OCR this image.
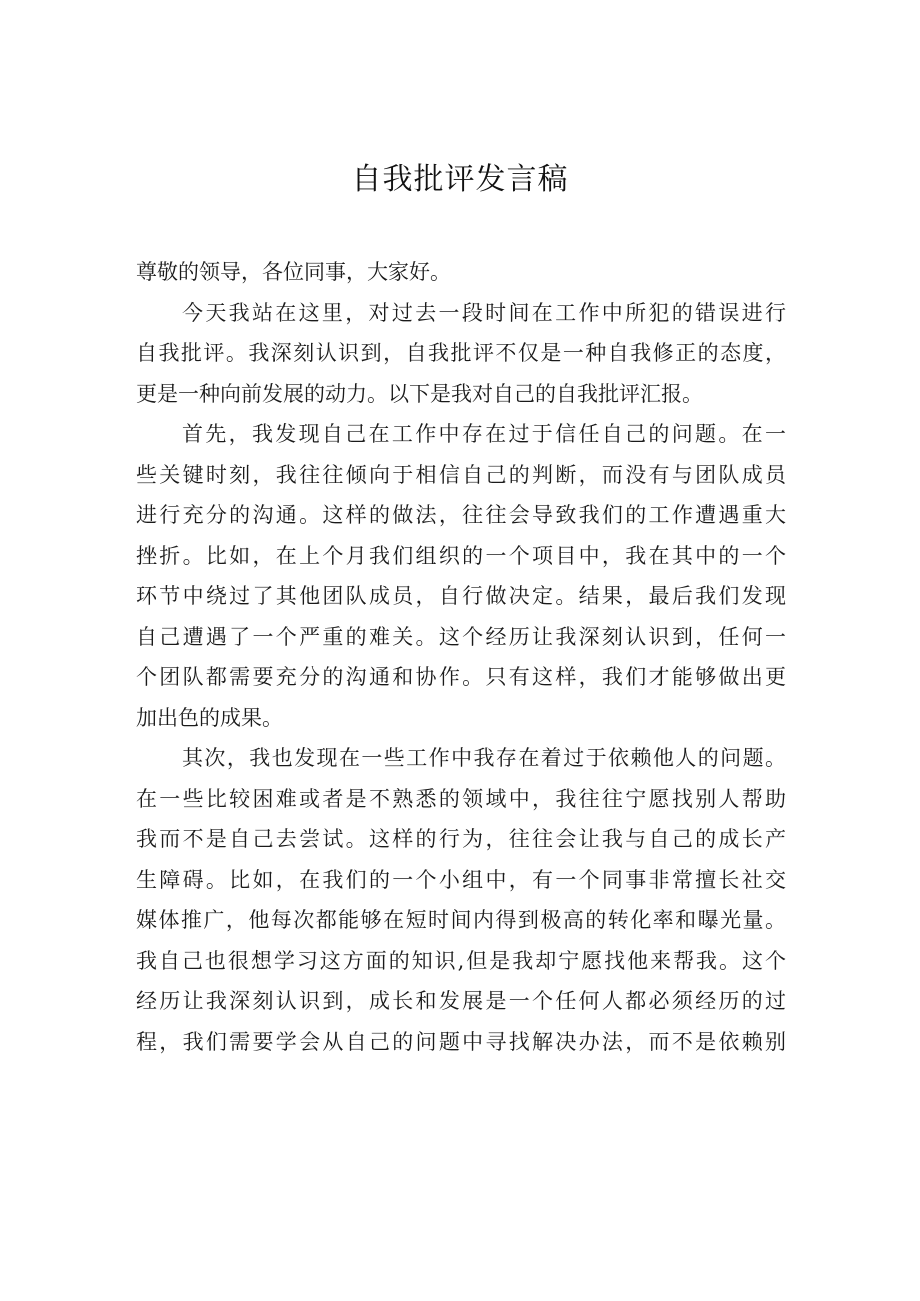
自我批评发言稿
尊敬的领导，各位同事，大家好。
今天我站在这里，对过去一段时间在工作中所犯的错误进行
自我批评。我深刻认识到，自我批评不仅是一种自我修正的态度，
更是一种向前发展的动力。以下是我对自己的自我批评汇报。
首先，我发现自己在工作中存在过于信任自己的问题。在一
些关键时刻，我往往倾向于相信自己的判断，而没有与团队成员
进行充分的沟通。这样的做法，往往会导致我们的工作遭遇重大
挫折。比如，在上个月我们组织的一个项目中，我在其中的一个
环节中绕过了其他团队成员，自行做决定。结果，最后我们发现
自己遭遇了一个严重的难关。这个经历让我深刻认识到，任何一
个团队都需要充分的沟通和协作。只有这样，我们才能够做出更
加出色的成果。
其次，我也发现在一些工作中我存在着过于依赖他人的问题。
在一些比较困难或者是不熟悉的领域中，我往往宁愿找别人帮助
我而不是自己去尝试。这样的行为，往往会让我与自己的成长产
生障碍。比如，在我们的一个小组中，有一个同事非常擅长社交
媒体推广，他每次都能够在短时间内得到极高的转化率和曝光量。
我自己也很想学习这方面的知识,但是我却宁愿找他来帮我。这个
经历让我深刻认识到，成长和发展是一个任何人都必须经历的过
程，我们需要学会从自己的问题中寻找解决办法，而不是依赖别
